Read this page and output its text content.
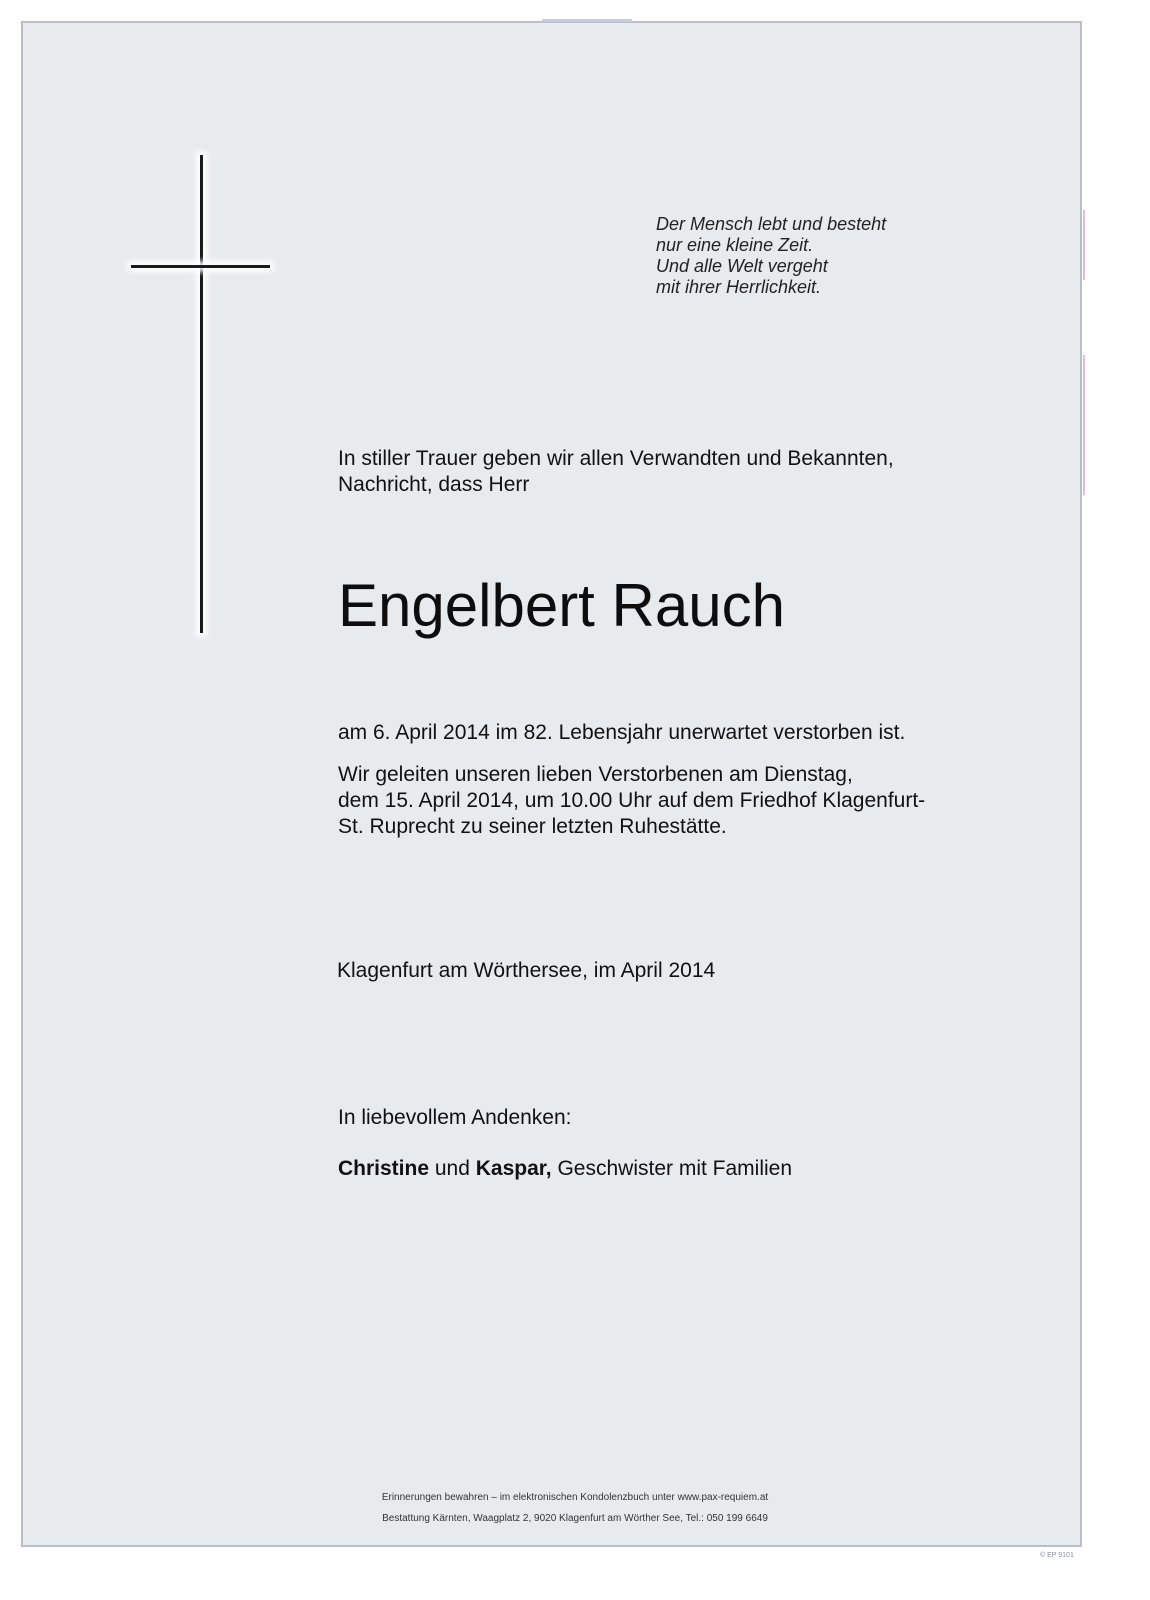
Der Mensch lebt und besteht
nur eine kleine Zeit.
Und alle Welt vergeht
mit ihrer Herrlichkeit.
In stiller Trauer geben wir allen Verwandten und Bekannten,
Nachricht, dass Herr
Engelbert Rauch
am 6. April 2014 im 82. Lebensjahr unerwartet verstorben ist.
Wir geleiten unseren lieben Verstorbenen am Dienstag,
dem 15. April 2014, um 10.00 Uhr auf dem Friedhof Klagenfurt-
St. Ruprecht zu seiner letzten Ruhestätte.
Klagenfurt am Wörthersee, im April 2014
In liebevollem Andenken:
Christine und Kaspar, Geschwister mit Familien
Erinnerungen bewahren – im elektronischen Kondolenzbuch unter www.pax-requiem.at
Bestattung Kärnten, Waagplatz 2, 9020 Klagenfurt am Wörther See, Tel.: 050 199 6649
© EP 9101
